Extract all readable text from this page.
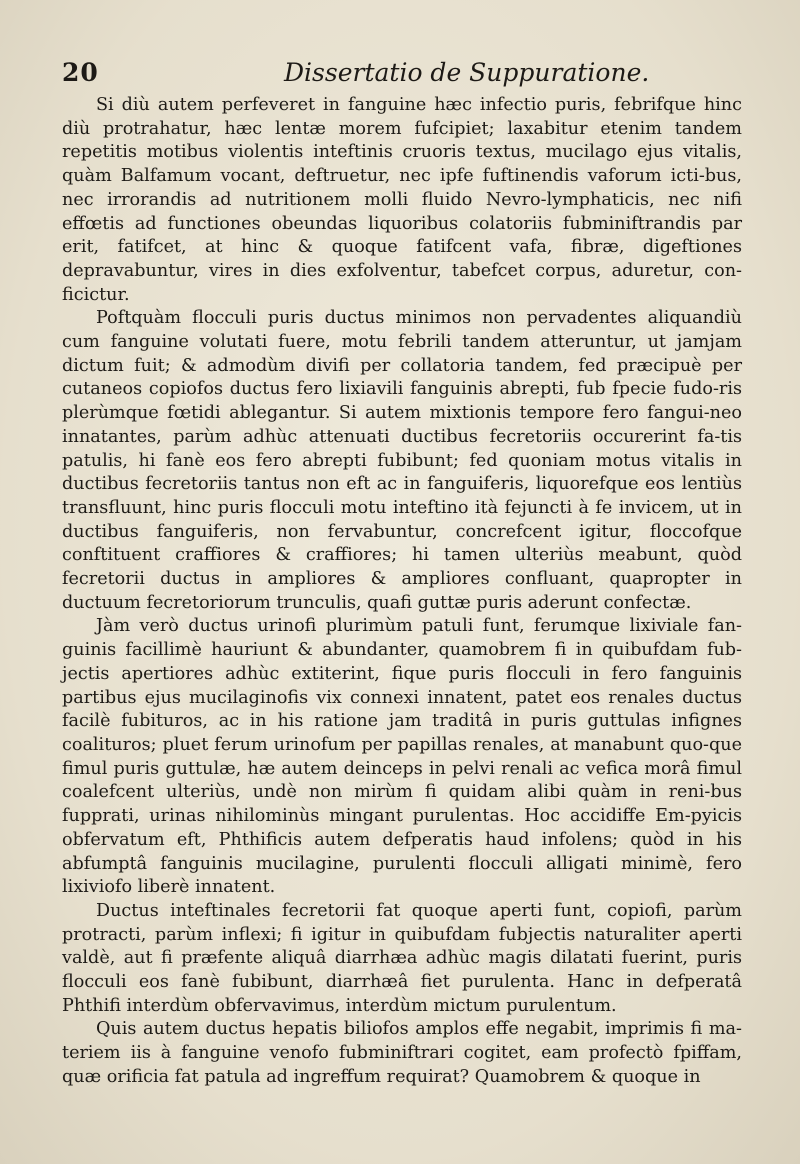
20	Dissertatio de Suppuratione.

Si diù autem perfeveret in fanguine hæc infectio puris, febrifque hinc diù protrahatur, hæc lentæ morem fufcipiet; laxabitur etenim tandem repetitis motibus violentis inteftinis cruoris textus, mucilago ejus vitalis, quàm Balfamum vocant, deftruetur, nec ipfe fuftinendis vaforum icti-bus, nec irrorandis ad nutritionem molli fluido Nevro-lymphaticis, nec nifi effœtis ad functiones obeundas liquoribus colatoriis fubminiftrandis par erit, fatifcet, at hinc & quoque fatifcent vafa, fibræ, digeftiones depravabuntur, vires in dies exfolventur, tabefcet corpus, aduretur, con-ficictur.

Poftquàm flocculi puris ductus minimos non pervadentes aliquandiù cum fanguine volutati fuere, motu febrili tandem atteruntur, ut jamjam dictum fuit; & admodùm divifi per collatoria tandem, fed præcipuè per cutaneos copiofos ductus fero lixiavili fanguinis abrepti, fub fpecie fudo-ris plerùmque fœtidi ablegantur. Si autem mixtionis tempore fero fangui-neo innatantes, parùm adhùc attenuati ductibus fecretoriis occurerint fa-tis patulis, hi fanè eos fero abrepti fubibunt; fed quoniam motus vitalis in ductibus fecretoriis tantus non eft ac in fanguiferis, liquorefque eos lentiùs transfluunt, hinc puris flocculi motu inteftino ità fejuncti à fe invicem, ut in ductibus fanguiferis, non fervabuntur, concrefcent igitur, floccofque conftituent craffiores & craffiores; hi tamen ulteriùs meabunt, quòd fecretorii ductus in ampliores & ampliores confluant, quapropter in ductuum fecretoriorum trunculis, quafi guttæ puris aderunt confectæ.

Jàm verò ductus urinofi plurimùm patuli funt, ferumque lixiviale fan-guinis facillimè hauriunt & abundanter, quamobrem fi in quibufdam fub-jectis apertiores adhùc extiterint, fique puris flocculi in fero fanguinis partibus ejus mucilaginofis vix connexi innatent, patet eos renales ductus facilè fubituros, ac in his ratione jam traditâ in puris guttulas infignes coalituros; pluet ferum urinofum per papillas renales, at manabunt quo-que fimul puris guttulæ, hæ autem deinceps in pelvi renali ac vefica morâ fimul coalefcent ulteriùs, undè non mirùm fi quidam alibi quàm in reni-bus fupprati, urinas nihilominùs mingant purulentas. Hoc accidiffe Em-pyicis obfervatum eft, Phthificis autem defperatis haud infolens; quòd in his abfumptâ fanguinis mucilagine, purulenti flocculi alligati minimè, fero lixiviofo liberè innatent.

Ductus inteftinales fecretorii fat quoque aperti funt, copiofi, parùm protracti, parùm inflexi; fi igitur in quibufdam fubjectis naturaliter aperti valdè, aut fi præfente aliquâ diarrhæa adhùc magis dilatati fuerint, puris flocculi eos fanè fubibunt, diarrhæâ fiet purulenta. Hanc in defperatâ Phthifi interdùm obfervavimus, interdùm mictum purulentum.

Quis autem ductus hepatis biliofos amplos effe negabit, imprimis fi ma-teriem iis à fanguine venofo fubminiftrari cogitet, eam profectò fpiffam, quæ orificia fat patula ad ingreffum requirat? Quamobrem & quoque in
